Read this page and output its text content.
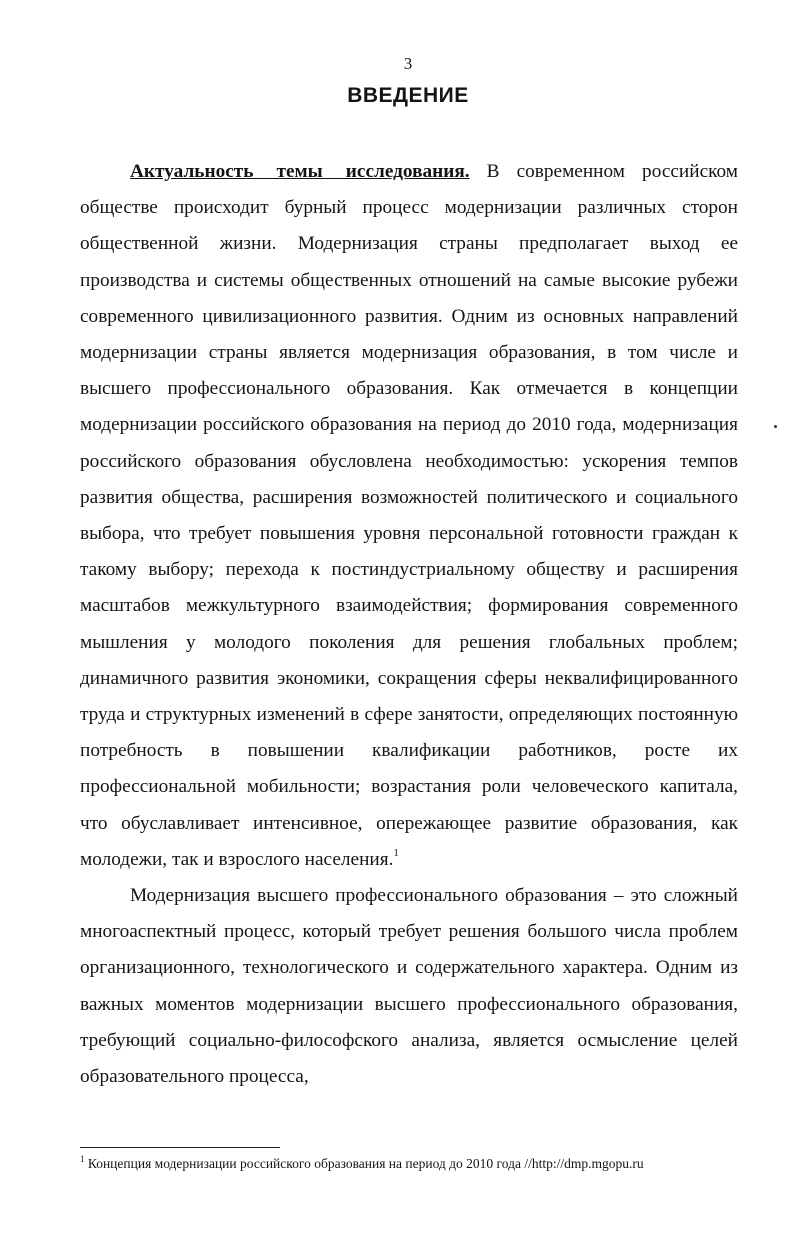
3
ВВЕДЕНИЕ

Актуальность темы исследования. В современном российском обществе происходит бурный процесс модернизации различных сторон общественной жизни. Модернизация страны предполагает выход ее производства и системы общественных отношений на самые высокие рубежи современного цивилизационного развития. Одним из основных направлений модернизации страны является модернизация образования, в том числе и высшего профессионального образования. Как отмечается в концепции модернизации российского образования на период до 2010 года, модернизация российского образования обусловлена необходимостью: ускорения темпов развития общества, расширения возможностей политического и социального выбора, что требует повышения уровня персональной готовности граждан к такому выбору; перехода к постиндустриальному обществу и расширения масштабов межкультурного взаимодействия; формирования современного мышления у молодого поколения для решения глобальных проблем; динамичного развития экономики, сокращения сферы неквалифицированного труда и структурных изменений в сфере занятости, определяющих постоянную потребность в повышении квалификации работников, росте их профессиональной мобильности; возрастания роли человеческого капитала, что обуславливает интенсивное, опережающее развитие образования, как молодежи, так и взрослого населения.$^1$

Модернизация высшего профессионального образования – это сложный многоаспектный процесс, который требует решения большого числа проблем организационного, технологического и содержательного характера. Одним из важных моментов модернизации высшего профессионального образования, требующий социально-философского анализа, является осмысление целей образовательного процесса,

$^1$ Концепция модернизации российского образования на период до 2010 года //http://dmp.mgopu.ru
